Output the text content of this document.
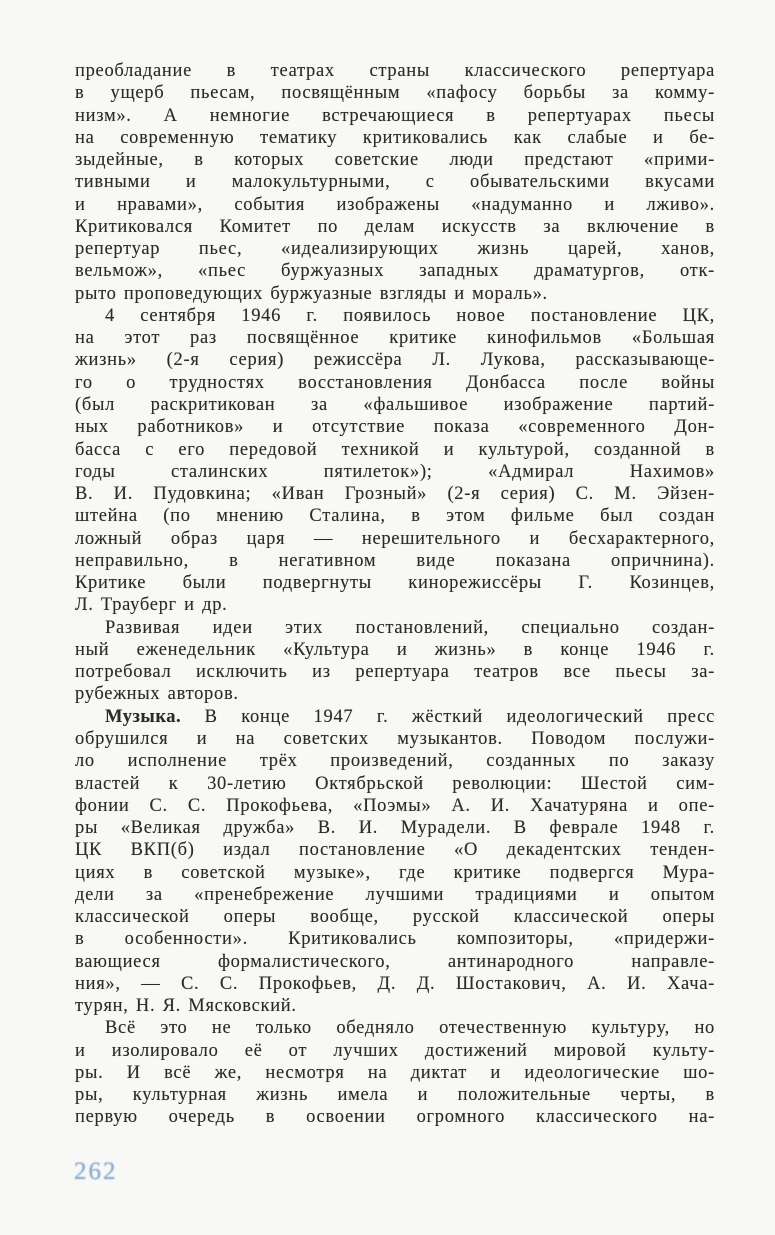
преобладание в театрах страны классического репертуара
в ущерб пьесам, посвящённым «пафосу борьбы за комму-
низм». А немногие встречающиеся в репертуарах пьесы
на современную тематику критиковались как слабые и бе-
зыдейные, в которых советские люди предстают «прими-
тивными и малокультурными, с обывательскими вкусами
и нравами», события изображены «надуманно и лживо».
Критиковался Комитет по делам искусств за включение в
репертуар пьес, «идеализирующих жизнь царей, ханов,
вельмож», «пьес буржуазных западных драматургов, отк-
рыто проповедующих буржуазные взгляды и мораль».
4 сентября 1946 г. появилось новое постановление ЦК,
на этот раз посвящённое критике кинофильмов «Большая
жизнь» (2-я серия) режиссёра Л. Лукова, рассказывающе-
го о трудностях восстановления Донбасса после войны
(был раскритикован за «фальшивое изображение партий-
ных работников» и отсутствие показа «современного Дон-
басса с его передовой техникой и культурой, созданной в
годы сталинских пятилеток»); «Адмирал Нахимов»
В. И. Пудовкина; «Иван Грозный» (2-я серия) С. М. Эйзен-
штейна (по мнению Сталина, в этом фильме был создан
ложный образ царя — нерешительного и бесхарактерного,
неправильно, в негативном виде показана опричнина).
Критике были подвергнуты кинорежиссёры Г. Козинцев,
Л. Трауберг и др.
Развивая идеи этих постановлений, специально создан-
ный еженедельник «Культура и жизнь» в конце 1946 г.
потребовал исключить из репертуара театров все пьесы за-
рубежных авторов.
Музыка. В конце 1947 г. жёсткий идеологический пресс
обрушился и на советских музыкантов. Поводом послужи-
ло исполнение трёх произведений, созданных по заказу
властей к 30-летию Октябрьской революции: Шестой сим-
фонии С. С. Прокофьева, «Поэмы» А. И. Хачатуряна и опе-
ры «Великая дружба» В. И. Мурадели. В феврале 1948 г.
ЦК ВКП(б) издал постановление «О декадентских тенден-
циях в советской музыке», где критике подвергся Мура-
дели за «пренебрежение лучшими традициями и опытом
классической оперы вообще, русской классической оперы
в особенности». Критиковались композиторы, «придержи-
вающиеся формалистического, антинародного направле-
ния», — С. С. Прокофьев, Д. Д. Шостакович, А. И. Хача-
турян, Н. Я. Мясковский.
Всё это не только обедняло отечественную культуру, но
и изолировало её от лучших достижений мировой культу-
ры. И всё же, несмотря на диктат и идеологические шо-
ры, культурная жизнь имела и положительные черты, в
первую очередь в освоении огромного классического на-
262
